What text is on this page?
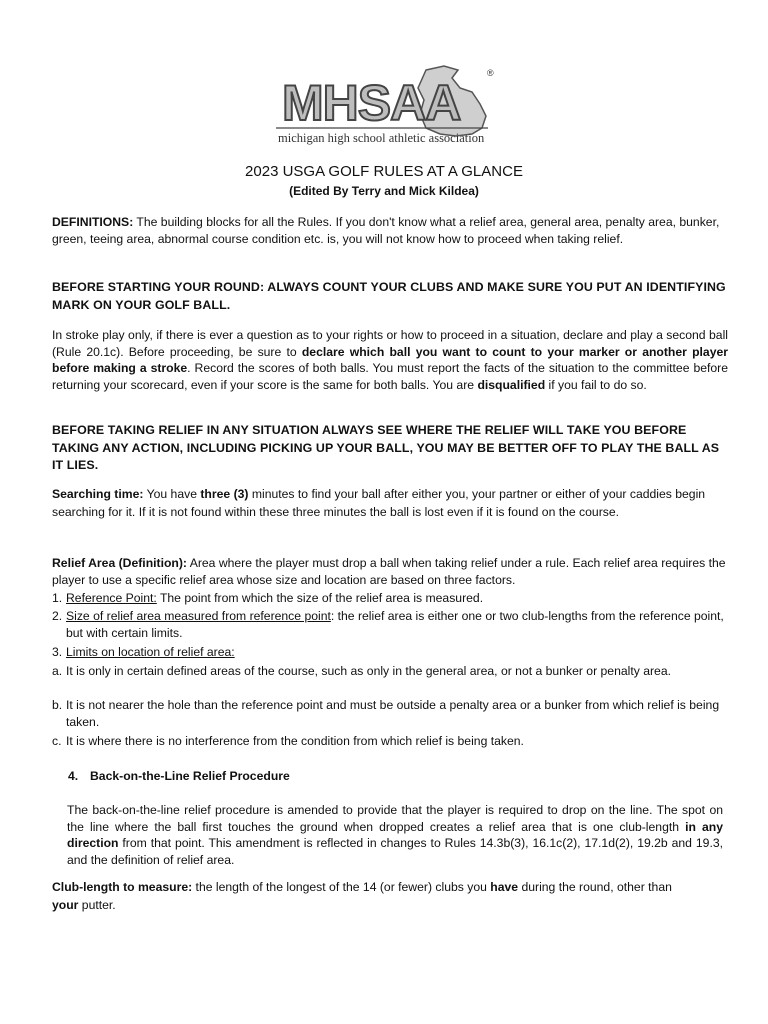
MHSAA
®
michigan high school athletic association
2023 USGA GOLF RULES AT A GLANCE
(Edited By Terry and Mick Kildea)
DEFINITIONS: The building blocks for all the Rules. If you don't know what a relief area, general area, penalty area, bunker, green, teeing area, abnormal course condition etc. is, you will not know how to proceed when taking relief.
BEFORE STARTING YOUR ROUND: ALWAYS COUNT YOUR CLUBS AND MAKE SURE YOU PUT AN IDENTIFYING MARK ON YOUR GOLF BALL.
In stroke play only, if there is ever a question as to your rights or how to proceed in a situation, declare and play a second ball (Rule 20.1c). Before proceeding, be sure to declare which ball you want to count to your marker or another player before making a stroke. Record the scores of both balls. You must report the facts of the situation to the committee before returning your scorecard, even if your score is the same for both balls. You are disqualified if you fail to do so.
BEFORE TAKING RELIEF IN ANY SITUATION ALWAYS SEE WHERE THE RELIEF WILL TAKE YOU BEFORE TAKING ANY ACTION, INCLUDING PICKING UP YOUR BALL, YOU MAY BE BETTER OFF TO PLAY THE BALL AS IT LIES.
Searching time: You have three (3) minutes to find your ball after either you, your partner or either of your caddies begin searching for it. If it is not found within these three minutes the ball is lost even if it is found on the course.
Relief Area (Definition): Area where the player must drop a ball when taking relief under a rule. Each relief area requires the player to use a specific relief area whose size and location are based on three factors.
1. Reference Point: The point from which the size of the relief area is measured.
2. Size of relief area measured from reference point: the relief area is either one or two club-lengths from the reference point, but with certain limits.
3. Limits on location of relief area:
a. It is only in certain defined areas of the course, such as only in the general area, or not a bunker or penalty area.
b. It is not nearer the hole than the reference point and must be outside a penalty area or a bunker from which relief is being taken.
c. It is where there is no interference from the condition from which relief is being taken.
4. Back-on-the-Line Relief Procedure
The back-on-the-line relief procedure is amended to provide that the player is required to drop on the line. The spot on the line where the ball first touches the ground when dropped creates a relief area that is one club-length in any direction from that point. This amendment is reflected in changes to Rules 14.3b(3), 16.1c(2), 17.1d(2), 19.2b and 19.3, and the definition of relief area.
Club-length to measure: the length of the longest of the 14 (or fewer) clubs you have during the round, other than your putter.
